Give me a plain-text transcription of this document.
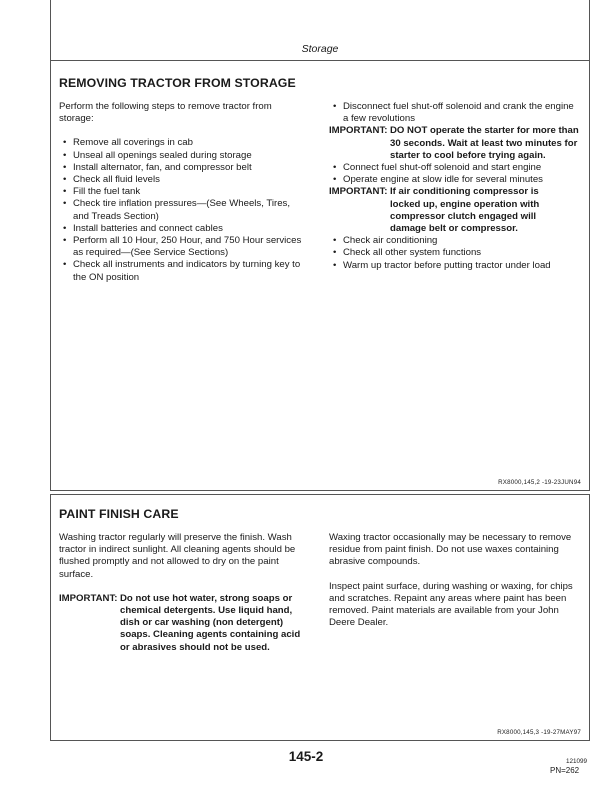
Storage
REMOVING TRACTOR FROM STORAGE

Perform the following steps to remove tractor from storage:

• Remove all coverings in cab

• Unseal all openings sealed during storage

• Install alternator, fan, and compressor belt

• Check all fluid levels

• Fill the fuel tank

• Check tire inflation pressures—(See Wheels, Tires, and Treads Section)

• Install batteries and connect cables

• Perform all 10 Hour, 250 Hour, and 750 Hour services as required—(See Service Sections)

• Check all instruments and indicators by turning key to the ON position

• Disconnect fuel shut-off solenoid and crank the engine a few revolutions

IMPORTANT: DO NOT operate the starter for more than 30 seconds. Wait at least two minutes for starter to cool before trying again.

• Connect fuel shut-off solenoid and start engine

• Operate engine at slow idle for several minutes

IMPORTANT: If air conditioning compressor is locked up, engine operation with compressor clutch engaged will damage belt or compressor.

• Check air conditioning

• Check all other system functions

• Warm up tractor before putting tractor under load

RX8000,145,2 -19-23JUN94
PAINT FINISH CARE

Washing tractor regularly will preserve the finish. Wash tractor in indirect sunlight. All cleaning agents should be flushed promptly and not allowed to dry on the paint surface.

IMPORTANT: Do not use hot water, strong soaps or chemical detergents. Use liquid hand, dish or car washing (non detergent) soaps. Cleaning agents containing acid or abrasives should not be used.

Waxing tractor occasionally may be necessary to remove residue from paint finish. Do not use waxes containing abrasive compounds.

Inspect paint surface, during washing or waxing, for chips and scratches. Repaint any areas where paint has been removed. Paint materials are available from your John Deere Dealer.

RX8000,145,3 -19-27MAY97
145-2	121099
PN=262
